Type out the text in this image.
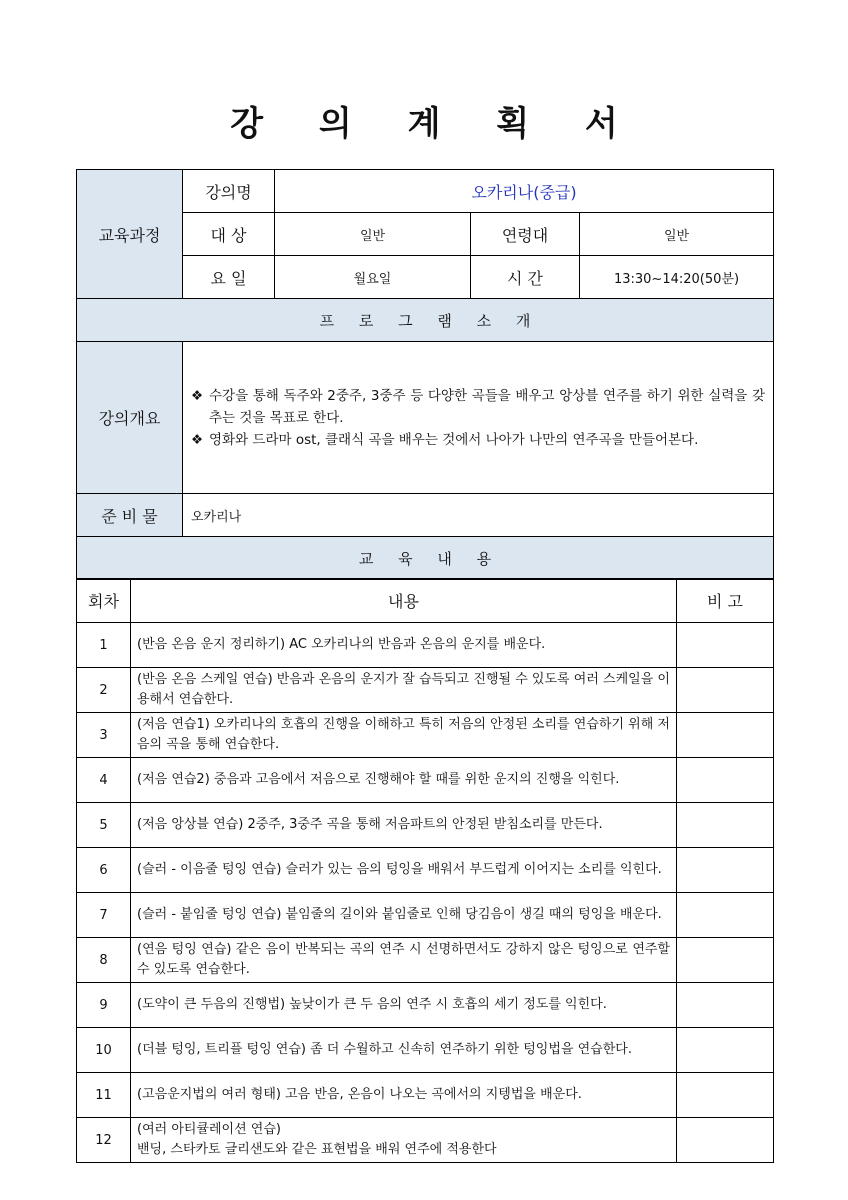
강 의 계 획 서
교육과정	강의명	오카리나(중급)		
	대 상	일반	연령대	일반
	요 일	월요일	시 간	13:30~14:20(50분)
프 로 그 램 소 개				
강의개요	❖ 수강을 통해 독주와 2중주, 3중주 등 다양한 곡들을 배우고 앙상블 연주를 하기 위한 실력을 갖추는 것을 목표로 한다.
❖ 영화와 드라마 ost, 클래식 곡을 배우는 것에서 나아가 나만의 연주곡을 만들어본다.			

준 비 물	오카리나			
교 육 내 용				
회차	내용	비 고
1	(반음 온음 운지 정리하기) AC 오카리나의 반음과 온음의 운지를 배운다.	
2	(반음 온음 스케일 연습) 반음과 온음의 운지가 잘 습득되고 진행될 수 있도록 여러 스케일을 이용해서 연습한다.	
3	(저음 연습1) 오카리나의 호흡의 진행을 이해하고 특히 저음의 안정된 소리를 연습하기 위해 저음의 곡을 통해 연습한다.	
4	(저음 연습2) 중음과 고음에서 저음으로 진행해야 할 때를 위한 운지의 진행을 익힌다.	
5	(저음 앙상블 연습) 2중주, 3중주 곡을 통해 저음파트의 안정된 받침소리를 만든다.	
6	(슬러 - 이음줄 텅잉 연습) 슬러가 있는 음의 텅잉을 배워서 부드럽게 이어지는 소리를 익힌다.	
7	(슬러 - 붙임줄 텅잉 연습) 붙임줄의 길이와 붙임줄로 인해 당김음이 생길 때의 텅잉을 배운다.	
8	(연음 텅잉 연습) 같은 음이 반복되는 곡의 연주 시 선명하면서도 강하지 않은 텅잉으로 연주할 수 있도록 연습한다.	
9	(도약이 큰 두음의 진행법) 높낮이가 큰 두 음의 연주 시 호흡의 세기 정도를 익힌다.	
10	(더블 텅잉, 트리플 텅잉 연습) 좀 더 수월하고 신속히 연주하기 위한 텅잉법을 연습한다.	
11	(고음운지법의 여러 형태) 고음 반음, 온음이 나오는 곡에서의 지텡법을 배운다.	
12	(여러 아티큘레이션 연습)
밴딩, 스타카토 글리샌도와 같은 표현법을 배워 연주에 적용한다	
